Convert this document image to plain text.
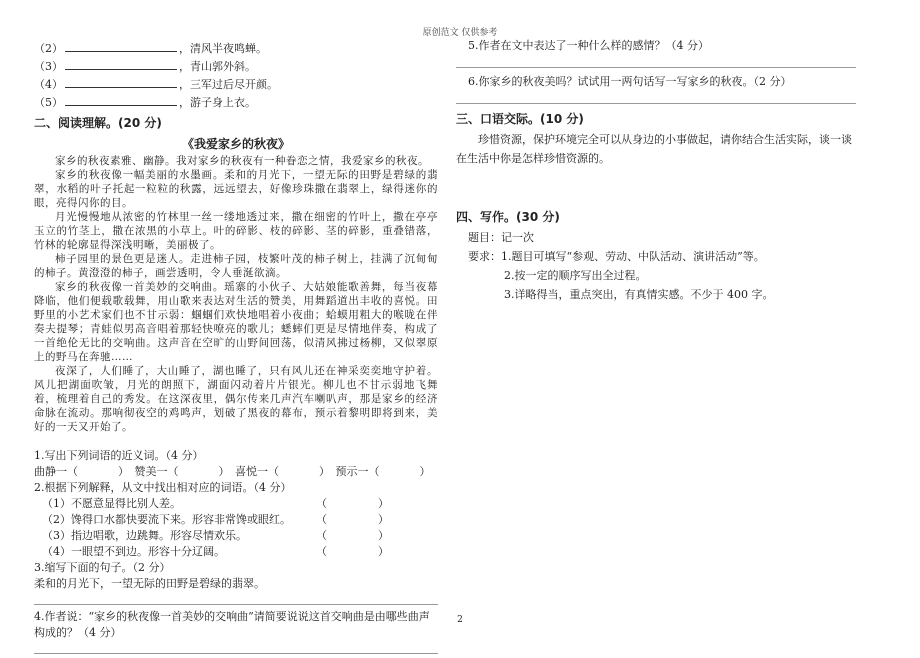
原创范文 仅供参考
（2）	，清风半夜鸣蝉。
（3）	，青山郭外斜。
（4）	，三军过后尽开颜。
（5）	，游子身上衣。
二、阅读理解。(20 分)
《我爱家乡的秋夜》

家乡的秋夜素雅、幽静。我对家乡的秋夜有一种眷恋之情，我爱家乡的秋夜。

家乡的秋夜像一幅美丽的水墨画。柔和的月光下，一望无际的田野是碧绿的翡翠，水稻的叶子托起一粒粒的秋露，远远望去，好像珍珠撒在翡翠上，绿得迷你的眼，亮得闪你的目。

月光慢慢地从浓密的竹林里一丝一缕地透过来，撒在细密的竹叶上，撒在亭亭玉立的竹茎上，撒在浓黑的小草上。叶的碎影、枝的碎影、茎的碎影，重叠错落，竹林的轮廓显得深浅明晰，美丽极了。

柿子园里的景色更是迷人。走进柿子园，枝繁叶茂的柿子树上，挂满了沉甸甸的柿子。黄澄澄的柿子，画尝透明，令人垂涎欲滴。

家乡的秋夜像一首美妙的交响曲。瑶寨的小伙子、大姑娘能歌善舞，每当夜幕降临，他们便载歌载舞，用山歌来表达对生活的赞美，用舞蹈道出丰收的喜悦。田野里的小艺术家们也不甘示弱：蝈蝈们欢快地唱着小夜曲；蛤蟆用粗大的喉咙在伴奏夫提琴；青蛙似男高音唱着那轻快嘹亮的歌儿；蟋蟀们更是尽情地伴奏，构成了一首绝伦无比的交响曲。这声音在空旷的山野间回荡，似清风拂过杨柳，又似翠原上的野马在奔驰……

夜深了，人们睡了，大山睡了，湖也睡了，只有风儿还在神采奕奕地守护着。风儿把湖面吹皱，月光的朗照下，湖面闪动着片片银光。柳儿也不甘示弱地飞舞着，梳理着自己的秀发。在这深夜里，偶尔传来几声汽车喇叭声，那是家乡的经济命脉在流动。那响彻夜空的鸡鸣声，划破了黑夜的幕布，预示着黎明即将到来，美好的一天又开始了。

1.写出下列词语的近义词。（4 分）

曲静一（	）　赞美一（	）　喜悦一（	）　预示一（	）

2.根据下列解释，从文中找出相对应的词语。（4 分）

（1）不愿意显得比别人差。	（	）
（2）馋得口水都快要流下来。形容非常馋或眼红。 （	）
（3）指边唱歌，边跳舞。形容尽情欢乐。	（	）
（4）一眼望不到边。形容十分辽阔。	（	）

3.缩写下面的句子。（2 分）

柔和的月光下，一望无际的田野是碧绿的翡翠。

4.作者说：“家乡的秋夜像一首美妙的交响曲”请简要说说这首交响曲是由哪些曲声

构成的？（4 分）

5.作者在文中表达了一种什么样的感情？（4 分）

6.你家乡的秋夜美吗？试试用一两句话写一写家乡的秋夜。（2 分）

三、口语交际。(10 分)

珍惜资源，保护环境完全可以从身边的小事做起，请你结合生活实际，谈一谈在生活中你是怎样珍惜资源的。

四、写作。(30 分)

题目：记一次

要求：1.题目可填写“参观、劳动、中队活动、演讲活动”等。

2.按一定的顺序写出全过程。

3.详略得当，重点突出，有真情实感。不少于 400 字。

2
